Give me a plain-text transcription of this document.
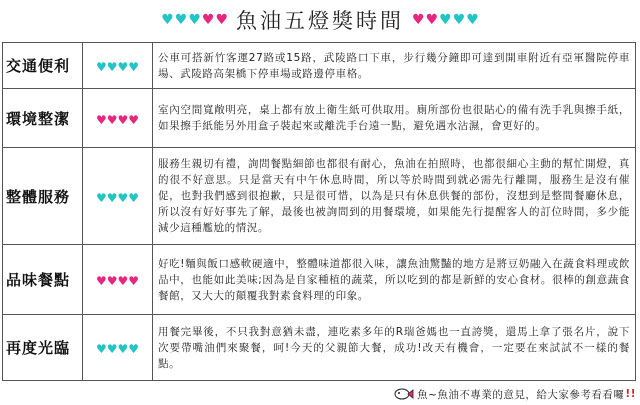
♥ ♥ ♥ ♥ ♥ 魚油五燈獎時間 ♥ ♥ ♥ ♥ ♥
交通便利	♥♥♥♥	公車可搭新竹客運27路或15路，武陵路口下車，步行幾分鐘即可達到開車附近有亞軍醫院停車場、武陵路高架橋下停車場或路邊停車格。
環境整潔	♥♥♥♥	室內空間寬敞明亮，桌上都有放上衛生紙可供取用。廁所部份也很貼心的備有洗手乳與擦手紙，如果擦手紙能另外用盒子裝起來或離洗手台遠一點，避免遇水沾濕，會更好的。
整體服務	♥♥♥♥	服務生親切有禮，詢問餐點細節也都很有耐心，魚油在拍照時，也都很細心主動的幫忙開燈，真的很不好意思。只是當天有中午休息時間，所以等於時間到就必需先行離開，服務生是沒有催促，也對我們感到很抱歉，只是很可惜，以為是只有休息供餐的部份，沒想到是整間餐廳休息，所以沒有好好事先了解，最後也被詢問到的用餐環境，如果能先行提醒客人的訂位時間，多少能減少這種尷尬的情況。
品味餐點	♥♥♥♥	好吃!麵與飯口感軟硬適中，整體味道都很入味，讓魚油驚豔的地方是將豆奶融入在蔬食料理或飲品中，也能如此美味;因為是自家種植的蔬菜，所以吃到的都是新鮮的安心食材。很棒的創意蔬食餐館，又大大的顛覆我對素食料理的印象。
再度光臨	♥♥♥♥	用餐完畢後，不只我對意猶未盡，連吃素多年的R瑞爸媽也一直誇獎，還馬上拿了張名片，說下次要帶嘴油們來聚餐，呵!今天的父親節大餐，成功!改天有機會，一定要在來試試不一樣的餐點。
魚~魚油不專業的意見，給大家參考看看囉 !!
